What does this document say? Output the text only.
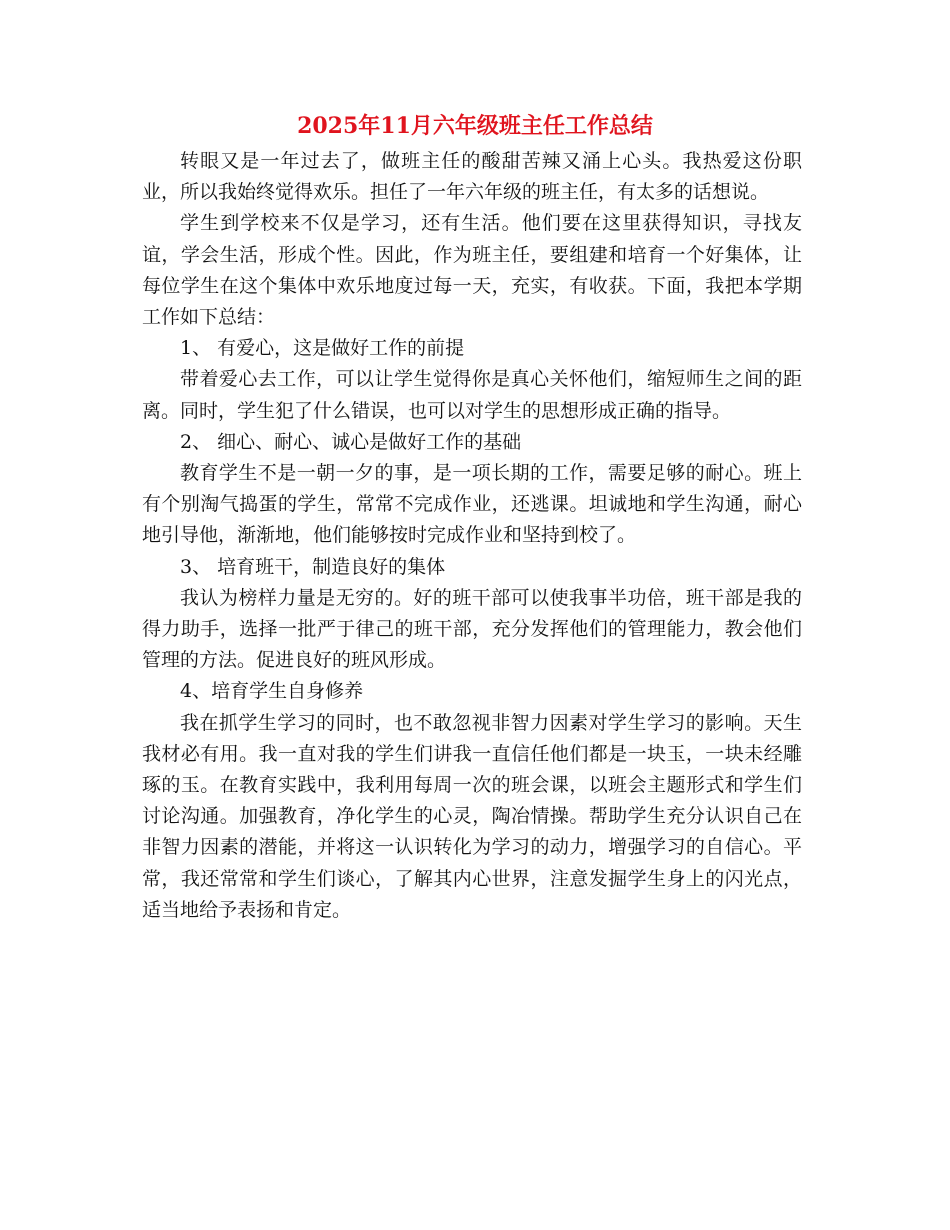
2025年11月六年级班主任工作总结

转眼又是一年过去了，做班主任的酸甜苦辣又涌上心头。我热爱这份职业，所以我始终觉得欢乐。担任了一年六年级的班主任，有太多的话想说。

学生到学校来不仅是学习，还有生活。他们要在这里获得知识，寻找友谊，学会生活，形成个性。因此，作为班主任，要组建和培育一个好集体，让每位学生在这个集体中欢乐地度过每一天，充实，有收获。下面，我把本学期工作如下总结：

1、 有爱心，这是做好工作的前提

带着爱心去工作，可以让学生觉得你是真心关怀他们，缩短师生之间的距离。同时，学生犯了什么错误，也可以对学生的思想形成正确的指导。

2、 细心、耐心、诚心是做好工作的基础

教育学生不是一朝一夕的事，是一项长期的工作，需要足够的耐心。班上有个别淘气捣蛋的学生，常常不完成作业，还逃课。坦诚地和学生沟通，耐心地引导他，渐渐地，他们能够按时完成作业和坚持到校了。

3、 培育班干，制造良好的集体

我认为榜样力量是无穷的。好的班干部可以使我事半功倍，班干部是我的得力助手，选择一批严于律己的班干部，充分发挥他们的管理能力，教会他们管理的方法。促进良好的班风形成。

4、培育学生自身修养

我在抓学生学习的同时，也不敢忽视非智力因素对学生学习的影响。天生我材必有用。我一直对我的学生们讲我一直信任他们都是一块玉，一块未经雕琢的玉。在教育实践中，我利用每周一次的班会课，以班会主题形式和学生们讨论沟通。加强教育，净化学生的心灵，陶冶情操。帮助学生充分认识自己在非智力因素的潜能，并将这一认识转化为学习的动力，增强学习的自信心。平常，我还常常和学生们谈心，了解其内心世界，注意发掘学生身上的闪光点，适当地给予表扬和肯定。
